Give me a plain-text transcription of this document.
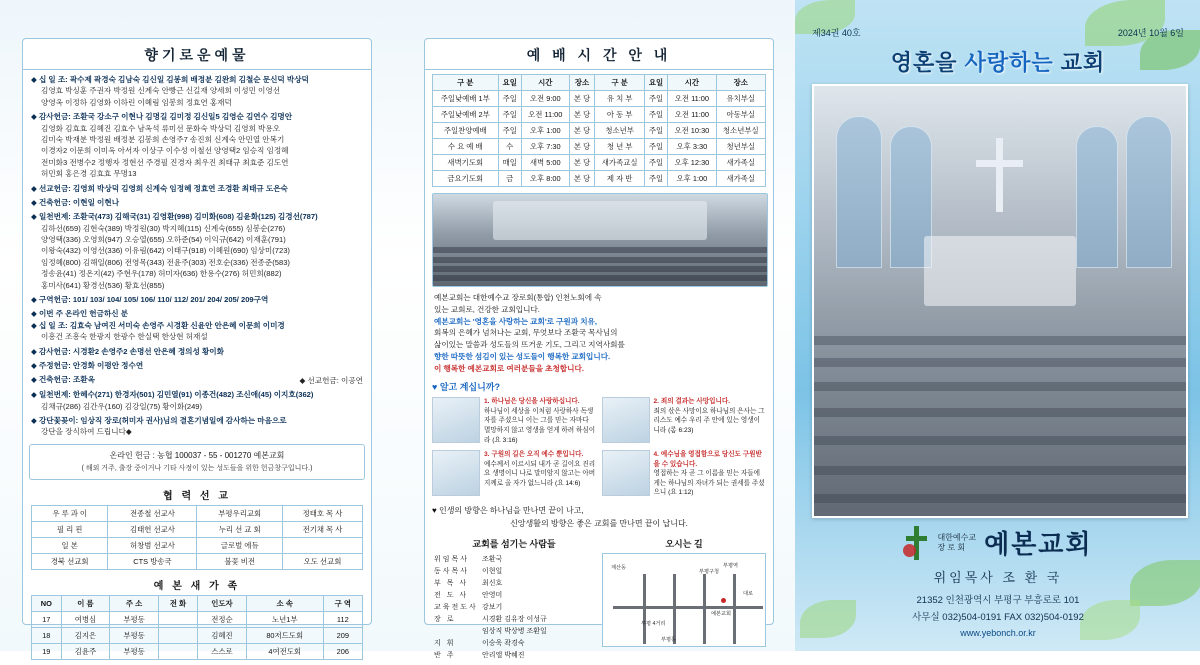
향기로운예물
◆ 십 일 조: 곽수제 곽경숙 김남숙 김신일 김봉희 배정분 김완희 김철순 문신덕 박상덕
김영효 박싱훈 주권자 박정원 신계숙 안빵근 신길재 양세희 이성민 이영선
양영옥 이정하 김영화 이하린 이혜림 임봉희 정효연 홍재덕
◆ 감사헌금: 조환국 강소구 이현나 김명길 김미정 김신일5 김영순 김연수 김명안
김영화 김효효 김혜진 김효수 남옥석 류미선 문화숙 박상덕 김영희 박용오
김미숙 박재분 박정원 배정분 김봉희 손영주7 송진희 신계숙 안민열 안복기
이경자2 이문희 이미옥 아서자 이상구 이수성 이철선 양영택2 임승직 임정혜
전미화3 전병수2 정행자 정현선 주경필 진경자 최우진 최태규 최효준 김도연
허민회 홍은경 김효효 무명13
◆ 선교헌금: 김영희 박상덕 김영희 신계숙 임정혜 정효연 조경환 최태규 도은숙
◆ 건축헌금: 이현일 이현나
◆ 일천번제: 조환국(473) 김해국(31) 김영환(998) 김미화(608) 김윤화(125) 김경선(787)
김하선(659) 김현숙(389) 박정원(30) 박지혜(115) 신계숙(655) 심봉순(276)
양영택(336) 오영희(947) 오승열(655) 오하준(54) 이익규(642) 이재훈(791)
이왕숙(432) 이영선(336) 이유림(642) 이태구(918) 이혜원(690) 임상미(723)
임정혜(800) 김해일(806) 전영목(343) 전윤주(303) 전호순(336) 전종준(583)
정송윤(41) 정온지(42) 주현우(178) 허미자(636) 한용수(276) 허민희(882)
홍미사(641) 황경선(536) 황효선(855)
◆ 구역헌금: 101/ 103/ 104/ 105/ 106/ 110/ 112/ 201/ 204/ 205/ 209구역
◆ 이번 주 온라인 헌금하신 분
◆ 십 일 조: 김효숙 남여진 서미숙 손영주 시경환 신윤안 안은혜 이문희 이미경
이흥건 조흥숙 한광지 한광수 한실택 한상현 허재설
◆ 감사헌금: 시경환2 손영주2 손명선 안은혜 정의성 황이화
◆ 주정헌금: 안경화 이평안 정수연
◆ 건축헌금: 조환옥	◆ 선교헌금: 이공연
◆ 일천번제: 한혜수(271) 한경자(501) 김민열(91) 이종건(482) 조신애(45) 이지호(362)
김채규(286) 김간우(160) 김강일(75) 황이화(249)
◆ 강단꽃꽂이: 임상직 장로(허미자 권사)님의 결혼기념일에 감사하는 마음으로
강단을 장식하여 드립니다◆
온라인 헌금 : 농협 100037 - 55 - 001270 예본교회
( 해외 거주, 출장 중이거나 기타 사정이 있는 성도들을 위한 헌금창구입니다.)
협 력 선 교
우 루 과 이	전종철 선교사	부평우리교회	정태호 목 사
필 리 핀	김태헌 선교사	누리 선 교 회	전기채 목 사
일 본	허창범 선교사	글로벌 에듀	
경북 선교회	CTS 방송국	불꽃 비전	오도 선교회
예 본 새 가 족
NO	이 름	주 소	전 화	인도자	소 속	구 역
17	여병심	부평동		전정순	노년1부	112
18	김지은	부평동		김혜진	80저드도회	209
19	김윤주	부평동		스스로	4여전도회	206
예 배 시 간 안 내
구 분	요일	시간	장소	구 분	요일	시간	장소
주일낮예배 1부	주일	오전 9:00	본 당	유 치 부	주일	오전 11:00	유치부실
주일낮예배 2부	주일	오전 11:00	본 당	아 동 부	주일	오전 11:00	아동부실
주일찬양예배	주일	오후 1:00	본 당	청소년부	주일	오전 10:30	청소년부실
수 요 예 배	수	오후 7:30	본 당	청 년 부	주일	오후 3:30	청년부실
새벽기도회	매일	새벽 5:00	본 당	새가족교실	주일	오후 12:30	새가족실
금요기도회	금	오후 8:00	본 당	제 자 반	주일	오후 1:00	새가족실
예본교회는 대한예수교 장로회(통합) 인천노회에 속
있는 교회로, 건강한 교회입니다.
예본교회는 '영혼을 사랑하는 교회'로 구원과 치유,
회복의 은혜가 넘쳐나는 교회, 무엇보다 조환국 목사님의
삶이있는 말씀과 성도들의 뜨거운 기도, 그리고 지역사회를
향한 따뜻한 섬김이 있는 성도들이 행복한 교회입니다.
이 행복한 예본교회로 여러분들을 초청합니다.
♥ 알고 계십니까?
1. 하나님은 당신을 사랑하십니다.
하나님이 세상을 이처럼 사랑하사 독생자를 주셨으니 이는 그를 믿는 자마다 멸망하지 않고 영생을 얻게 하려 하심이라 (요 3:16)
2. 죄의 결과는 사망입니다.
죄의 삯은 사망이요 하나님의 은사는 그리스도 예수 우리 주 안에 있는 영생이니라 (롬 6:23)
3. 구원의 길은 오직 예수 뿐입니다.
예수께서 이르시되 내가 곧 길이요 진리요 생명이니 나로 말미암지 않고는 아버지께로 올 자가 없느니라 (요 14:6)
4. 예수님을 영접함으로 당신도 구원받을 수 있습니다.
영접하는 자 곧 그 이름을 믿는 자들에게는 하나님의 자녀가 되는 권세를 주셨으니 (요 1:12)
♥ 인생의 방향은 하나님을 만나면 끝이 나고,
신앙생활의 방향은 좋은 교회를 만나면 끝이 납니다.
교회를 섬기는 사람들
위임목사	조환국
동사목사	이현일
부 목 사	최신호
전 도 사	안영미
교육전도사	강보기
장 로	시경환 김유장 이성규
	임상직 박상병 조환일
지 휘	이승욱 곽경숙
반 주	안리앨 박혜진
오시는 길
계산동	부평역
부평 4거리
부평구청
예본교회
부평동
대로
제34권 40호	2024년 10월 6일
영혼을 사랑하는 교회
대한예수교
장 로 회 예본교회
위임목사 조 환 국
21352 인천광역시 부평구 부흥로로 101
사무실 032)504-0191 FAX 032)504-0192
www.yebonch.or.kr
